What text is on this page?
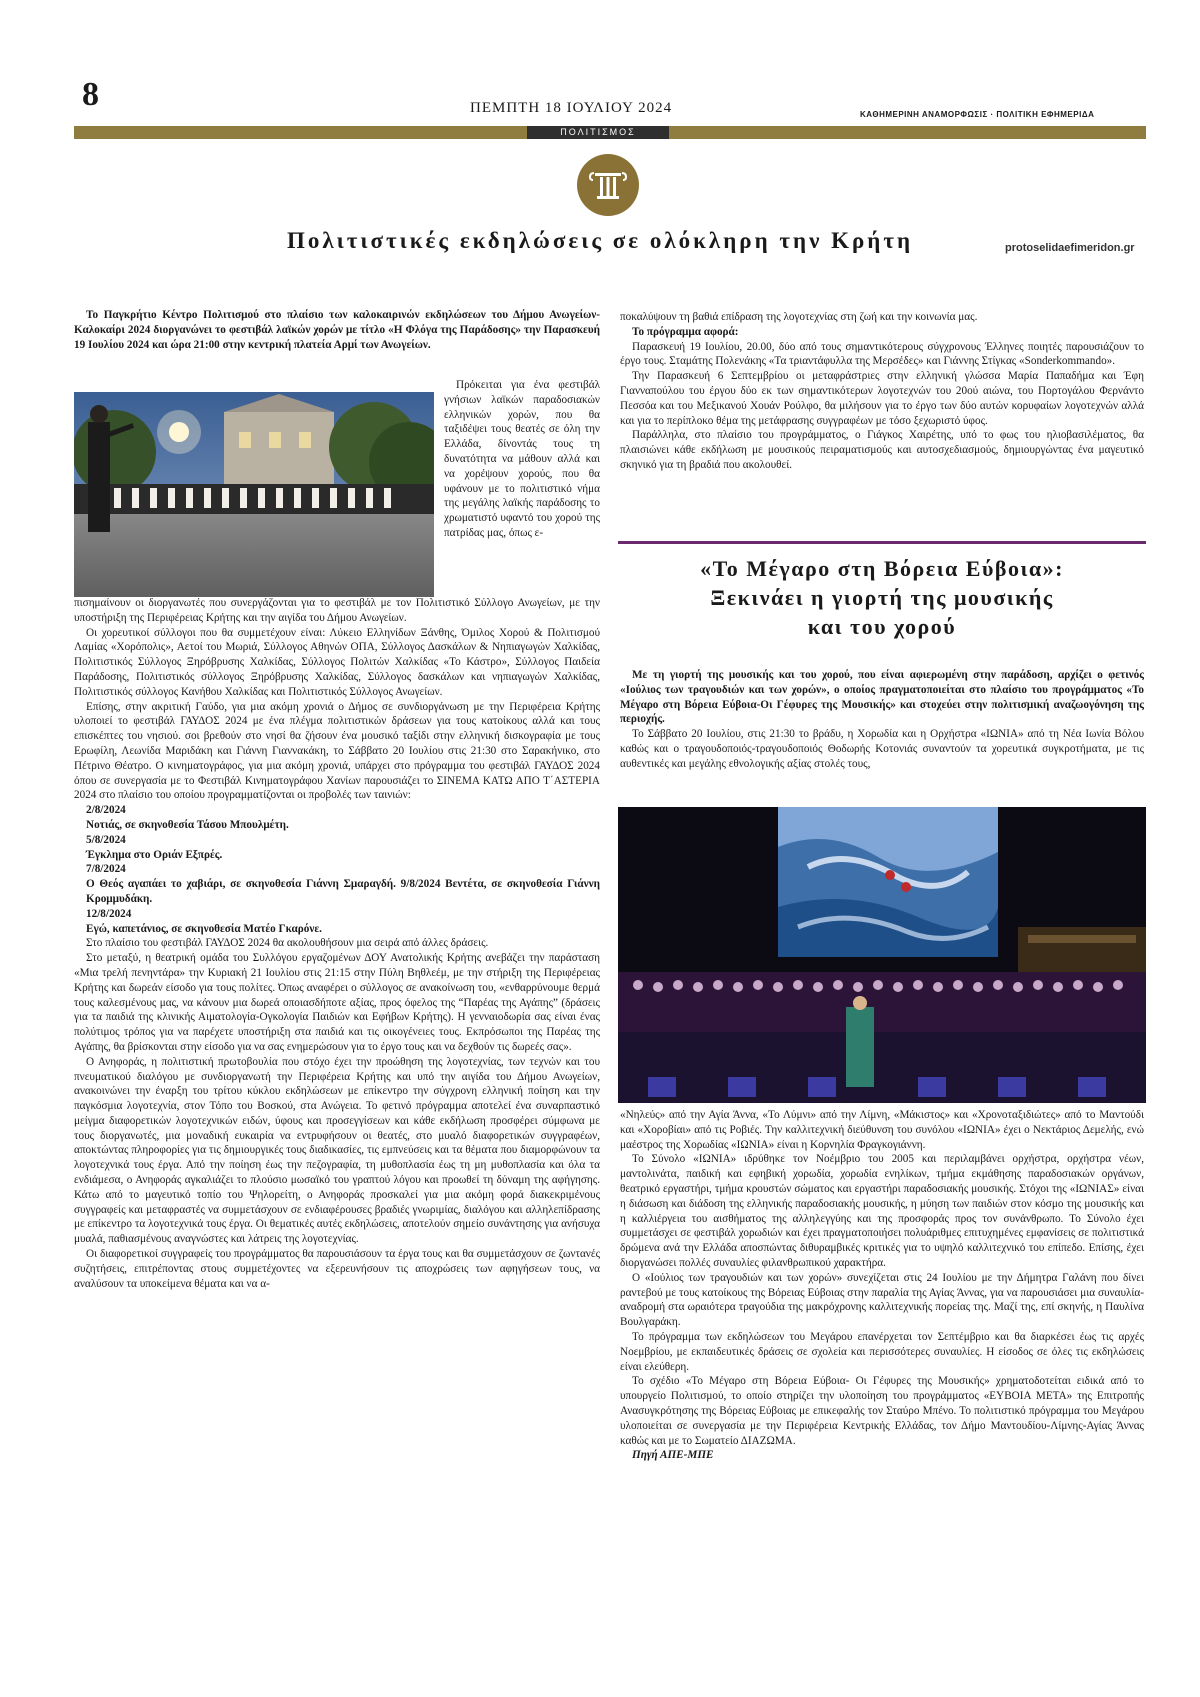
8	ΠΕΜΠΤΗ 18 ΙΟΥΛΙΟΥ 2024	ΚΑΘΗΜΕΡΙΝΗ ΑΝΑΜΟΡΦΩΣΙΣ · ΠΟΛΙΤΙΚΗ ΕΦΗΜΕΡΙΔΑ
ΠΟΛΙΤΙΣΜΟΣ
Πολιτιστικές εκδηλώσεις σε ολόκληρη την Κρήτη	protoselidaefimeridon.gr

Το Παγκρήτιο Κέντρο Πολιτισμού στο πλαίσιο των καλοκαιρινών εκδηλώσεων του Δήμου Ανωγείων-Καλοκαίρι 2024 διοργανώνει το φεστιβάλ λαϊκών χορών με τίτλο «Η Φλόγα της Παράδοσης» την Παρασκευή 19 Ιουλίου 2024 και ώρα 21:00 στην κεντρική πλατεία Αρμί των Ανωγείων.

Πρόκειται για ένα φεστιβάλ γνήσιων λαϊκών παραδοσιακών ελληνικών χορών, που θα ταξιδέψει τους θεατές σε όλη την Ελλάδα, δίνοντάς τους τη δυνατότητα να μάθουν αλλά και να χορέψουν χορούς, που θα υφάνουν με το πολιτιστικό νήμα της μεγάλης λαϊκής παράδοσης το χρωματιστό υφαντό του χορού της πατρίδας μας, όπως ε-

πισημαίνουν οι διοργανωτές που συνεργάζονται για το φεστιβάλ με τον Πολιτιστικό Σύλλογο Ανωγείων, με την υποστήριξη της Περιφέρειας Κρήτης και την αιγίδα του Δήμου Ανωγείων.

Οι χορευτικοί σύλλογοι που θα συμμετέχουν είναι: Λύκειο Ελληνίδων Ξάνθης, Όμιλος Χορού & Πολιτισμού Λαμίας «Χορόπολις», Αετοί του Μωριά, Σύλλογος Αθηνών ΟΠΑ, Σύλλογος Δασκάλων & Νηπιαγωγών Χαλκίδας, Πολιτιστικός Σύλλογος Ξηρόβρυσης Χαλκίδας, Σύλλογος Πολιτών Χαλκίδας «Το Κάστρο», Σύλλογος Παιδεία Παράδοσης, Πολιτιστικός σύλλογος Ξηρόβρυσης Χαλκίδας, Σύλλογος δασκάλων και νηπιαγωγών Χαλκίδας, Πολιτιστικός σύλλογος Κανήθου Χαλκίδας και Πολιτιστικός Σύλλογος Ανωγείων.

Επίσης, στην ακριτική Γαύδο, για μια ακόμη χρονιά ο Δήμος σε συνδιοργάνωση με την Περιφέρεια Κρήτης υλοποιεί το φεστιβάλ ΓΑΥΔΟΣ 2024 με ένα πλέγμα πολιτιστικών δράσεων για τους κατοίκους αλλά και τους επισκέπτες του νησιού. σοι βρεθούν στο νησί θα ζήσουν ένα μουσικό ταξίδι στην ελληνική δισκογραφία με τους Ερωφίλη, Λεωνίδα Μαριδάκη και Γιάννη Γιαννακάκη, το Σάββατο 20 Ιουλίου στις 21:30 στο Σαρακήνικο, στο Πέτρινο Θέατρο. Ο κινηματογράφος, για μια ακόμη χρονιά, υπάρχει στο πρόγραμμα του φεστιβάλ ΓΑΥΔΟΣ 2024 όπου σε συνεργασία με το Φεστιβάλ Κινηματογράφου Χανίων παρουσιάζει το ΣΙΝΕΜΑ ΚΑΤΩ ΑΠΟ Τ΄ΑΣΤΕΡΙΑ 2024 στο πλαίσιο του οποίου προγραμματίζονται οι προβολές των ταινιών:

2/8/2024
Νοτιάς, σε σκηνοθεσία Τάσου Μπουλμέτη.
5/8/2024
Έγκλημα στο Οριάν Εξπρές.
7/8/2024
Ο Θεός αγαπάει το χαβιάρι, σε σκηνοθεσία Γιάννη Σμαραγδή. 9/8/2024 Βεντέτα, σε σκηνοθεσία Γιάννη Κρομμυδάκη.
12/8/2024
Εγώ, καπετάνιος, σε σκηνοθεσία Ματέο Γκαρόνε.

Στο πλαίσιο του φεστιβάλ ΓΑΥΔΟΣ 2024 θα ακολουθήσουν μια σειρά από άλλες δράσεις.

Στο μεταξύ, η θεατρική ομάδα του Συλλόγου εργαζομένων ΔΟΥ Ανατολικής Κρήτης ανεβάζει την παράσταση «Μια τρελή πενηντάρα» την Κυριακή 21 Ιουλίου στις 21:15 στην Πύλη Βηθλεέμ, με την στήριξη της Περιφέρειας Κρήτης και δωρεάν είσοδο για τους πολίτες. Όπως αναφέρει ο σύλλογος σε ανακοίνωση του, «ενθαρρύνουμε θερμά τους καλεσμένους μας, να κάνουν μια δωρεά οποιασδήποτε αξίας, προς όφελος της “Παρέας της Αγάπης” (δράσεις για τα παιδιά της κλινικής Αιματολογία-Ογκολογία Παιδιών και Εφήβων Κρήτης). Η γενναιοδωρία σας είναι ένας πολύτιμος τρόπος για να παρέχετε υποστήριξη στα παιδιά και τις οικογένειες τους. Εκπρόσωποι της Παρέας της Αγάπης, θα βρίσκονται στην είσοδο για να σας ενημερώσουν για το έργο τους και να δεχθούν τις δωρεές σας».

Ο Ανηφοράς, η πολιτιστική πρωτοβουλία που στόχο έχει την προώθηση της λογοτεχνίας, των τεχνών και του πνευματικού διαλόγου με συνδιοργανωτή την Περιφέρεια Κρήτης και υπό την αιγίδα του Δήμου Ανωγείων, ανακοινώνει την έναρξη του τρίτου κύκλου εκδηλώσεων με επίκεντρο την σύγχρονη ελληνική ποίηση και την παγκόσμια λογοτεχνία, στον Τόπο του Βοσκού, στα Ανώγεια. Το φετινό πρόγραμμα αποτελεί ένα συναρπαστικό μείγμα διαφορετικών λογοτεχνικών ειδών, ύφους και προσεγγίσεων και κάθε εκδήλωση προσφέρει σύμφωνα με τους διοργανωτές, μια μοναδική ευκαιρία να εντρυφήσουν οι θεατές, στο μυαλό διαφορετικών συγγραφέων, αποκτώντας πληροφορίες για τις δημιουργικές τους διαδικασίες, τις εμπνεύσεις και τα θέματα που διαμορφώνουν τα λογοτεχνικά τους έργα. Από την ποίηση έως την πεζογραφία, τη μυθοπλασία έως τη μη μυθοπλασία και όλα τα ενδιάμεσα, ο Ανηφοράς αγκαλιάζει το πλούσιο μωσαϊκό του γραπτού λόγου και προωθεί τη δύναμη της αφήγησης. Κάτω από το μαγευτικό τοπίο του Ψηλορείτη, ο Ανηφοράς προσκαλεί για μια ακόμη φορά διακεκριμένους συγγραφείς και μεταφραστές να συμμετάσχουν σε ενδιαφέρουσες βραδιές γνωριμίας, διαλόγου και αλληλεπίδρασης με επίκεντρο τα λογοτεχνικά τους έργα. Οι θεματικές αυτές εκδηλώσεις, αποτελούν σημείο συνάντησης για ανήσυχα μυαλά, παθιασμένους αναγνώστες και λάτρεις της λογοτεχνίας.

Οι διαφορετικοί συγγραφείς του προγράμματος θα παρουσιάσουν τα έργα τους και θα συμμετάσχουν σε ζωντανές συζητήσεις, επιτρέποντας στους συμμετέχοντες να εξερευνήσουν τις αποχρώσεις των αφηγήσεων τους, να αναλύσουν τα υποκείμενα θέματα και να α-

ποκαλύψουν τη βαθιά επίδραση της λογοτεχνίας στη ζωή και την κοινωνία μας.

Το πρόγραμμα αφορά:

Παρασκευή 19 Ιουλίου, 20.00, δύο από τους σημαντικότερους σύγχρονους Έλληνες ποιητές παρουσιάζουν το έργο τους. Σταμάτης Πολενάκης «Τα τριαντάφυλλα της Μερσέδες» και Γιάννης Στίγκας «Sonderkommando».

Την Παρασκευή 6 Σεπτεμβρίου οι μεταφράστριες στην ελληνική γλώσσα Μαρία Παπαδήμα και Έφη Γιανναπούλου του έργου δύο εκ των σημαντικότερων λογοτεχνών του 20ού αιώνα, του Πορτογάλου Φερνάντο Πεσσόα και του Μεξικανού Χουάν Ρούλφο, θα μιλήσουν για το έργο των δύο αυτών κορυφαίων λογοτεχνών αλλά και για το περίπλοκο θέμα της μετάφρασης συγγραφέων με τόσο ξεχωριστό ύφος.

Παράλληλα, στο πλαίσιο του προγράμματος, ο Γιάγκος Χαιρέτης, υπό το φως του ηλιοβασιλέματος, θα πλαισιώνει κάθε εκδήλωση με μουσικούς πειραματισμούς και αυτοσχεδιασμούς, δημιουργώντας ένα μαγευτικό σκηνικό για τη βραδιά που ακολουθεί.

«Το Μέγαρο στη Βόρεια Εύβοια»:
Ξεκινάει η γιορτή της μουσικής
και του χορού

Με τη γιορτή της μουσικής και του χορού, που είναι αφιερωμένη στην παράδοση, αρχίζει ο φετινός «Ιούλιος των τραγουδιών και των χορών», ο οποίος πραγματοποιείται στο πλαίσιο του προγράμματος «Το Μέγαρο στη Βόρεια Εύβοια-Οι Γέφυρες της Μουσικής» και στοχεύει στην πολιτισμική αναζωογόνηση της περιοχής.

Το Σάββατο 20 Ιουλίου, στις 21:30 το βράδυ, η Χορωδία και η Ορχήστρα «ΙΩΝΙΑ» από τη Νέα Ιωνία Βόλου καθώς και ο τραγουδοποιός-τραγουδοποιός Θοδωρής Κοτονιάς συναντούν τα χορευτικά συγκροτήματα, με τις αυθεντικές και μεγάλης εθνολογικής αξίας στολές τους,

«Νηλεύς» από την Αγία Άννα, «Το Λύμνι» από την Λίμνη, «Μάκιστος» και «Χρονοταξιδιώτες» από το Μαντούδι και «Χοροβίαι» από τις Ροβιές. Την καλλιτεχνική διεύθυνση του συνόλου «ΙΩΝΙΑ» έχει ο Νεκτάριος Δεμελής, ενώ μαέστρος της Χορωδίας «ΙΩΝΙΑ» είναι η Κορνηλία Φραγκογιάννη.

Το Σύνολο «ΙΩΝΙΑ» ιδρύθηκε τον Νοέμβριο του 2005 και περιλαμβάνει ορχήστρα, ορχήστρα νέων, μαντολινάτα, παιδική και εφηβική χορωδία, χορωδία ενηλίκων, τμήμα εκμάθησης παραδοσιακών οργάνων, θεατρικό εργαστήρι, τμήμα κρουστών σώματος και εργαστήρι παραδοσιακής μουσικής. Στόχοι της «ΙΩΝΙΑΣ» είναι η διάσωση και διάδοση της ελληνικής παραδοσιακής μουσικής, η μύηση των παιδιών στον κόσμο της μουσικής και η καλλιέργεια του αισθήματος της αλληλεγγύης και της προσφοράς προς τον συνάνθρωπο. Το Σύνολο έχει συμμετάσχει σε φεστιβάλ χορωδιών και έχει πραγματοποιήσει πολυάριθμες επιτυχημένες εμφανίσεις σε πολιτιστικά δρώμενα ανά την Ελλάδα αποσπώντας διθυραμβικές κριτικές για το υψηλό καλλιτεχνικό του επίπεδο. Επίσης, έχει διοργανώσει πολλές συναυλίες φιλανθρωπικού χαρακτήρα.

Ο «Ιούλιος των τραγουδιών και των χορών» συνεχίζεται στις 24 Ιουλίου με την Δήμητρα Γαλάνη που δίνει ραντεβού με τους κατοίκους της Βόρειας Εύβοιας στην παραλία της Αγίας Άννας, για να παρουσιάσει μια συναυλία-αναδρομή στα ωραιότερα τραγούδια της μακρόχρονης καλλιτεχνικής πορείας της. Μαζί της, επί σκηνής, η Παυλίνα Βουλγαράκη.

Το πρόγραμμα των εκδηλώσεων του Μεγάρου επανέρχεται τον Σεπτέμβριο και θα διαρκέσει έως τις αρχές Νοεμβρίου, με εκπαιδευτικές δράσεις σε σχολεία και περισσότερες συναυλίες. Η είσοδος σε όλες τις εκδηλώσεις είναι ελεύθερη.

Το σχέδιο «Το Μέγαρο στη Βόρεια Εύβοια- Οι Γέφυρες της Μουσικής» χρηματοδοτείται ειδικά από το υπουργείο Πολιτισμού, το οποίο στηρίζει την υλοποίηση του προγράμματος «ΕΥΒΟΙΑ ΜΕΤΑ» της Επιτροπής Ανασυγκρότησης της Βόρειας Εύβοιας με επικεφαλής τον Σταύρο Μπένο. Το πολιτιστικό πρόγραμμα του Μεγάρου υλοποιείται σε συνεργασία με την Περιφέρεια Κεντρικής Ελλάδας, τον Δήμο Μαντουδίου-Λίμνης-Αγίας Άννας καθώς και με το Σωματείο ΔΙΑΖΩΜΑ.

Πηγή ΑΠΕ-ΜΠΕ
